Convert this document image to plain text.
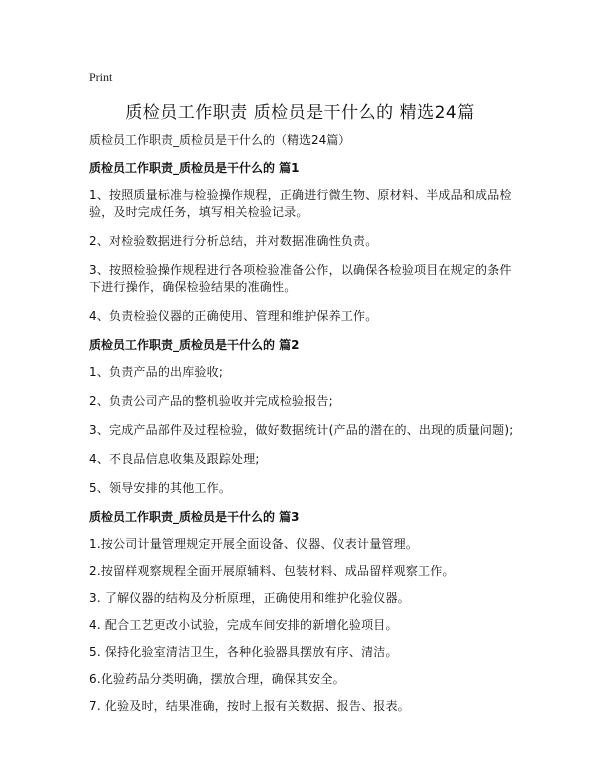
Print
质检员工作职责 质检员是干什么的 精选24篇

质检员工作职责_质检员是干什么的（精选24篇）

质检员工作职责_质检员是干什么的 篇1

1、按照质量标准与检验操作规程，正确进行微生物、原材料、半成品和成品检验，及时完成任务，填写相关检验记录。

2、对检验数据进行分析总结，并对数据准确性负责。

3、按照检验操作规程进行各项检验准备公作，以确保各检验项目在规定的条件下进行操作，确保检验结果的准确性。

4、负责检验仪器的正确使用、管理和维护保养工作。

质检员工作职责_质检员是干什么的 篇2

1、负责产品的出库验收;

2、负责公司产品的整机验收并完成检验报告;

3、完成产品部件及过程检验，做好数据统计(产品的潜在的、出现的质量问题);

4、不良品信息收集及跟踪处理;

5、领导安排的其他工作。

质检员工作职责_质检员是干什么的 篇3

1.按公司计量管理规定开展全面设备、仪器、仪表计量管理。

2.按留样观察规程全面开展原辅料、包装材料、成品留样观察工作。

3. 了解仪器的结构及分析原理，正确使用和维护化验仪器。

4. 配合工艺更改小试验，完成车间安排的新增化验项目。

5. 保持化验室清洁卫生，各种化验器具摆放有序、清洁。

6.化验药品分类明确，摆放合理，确保其安全。

7. 化验及时，结果准确，按时上报有关数据、报告、报表。
